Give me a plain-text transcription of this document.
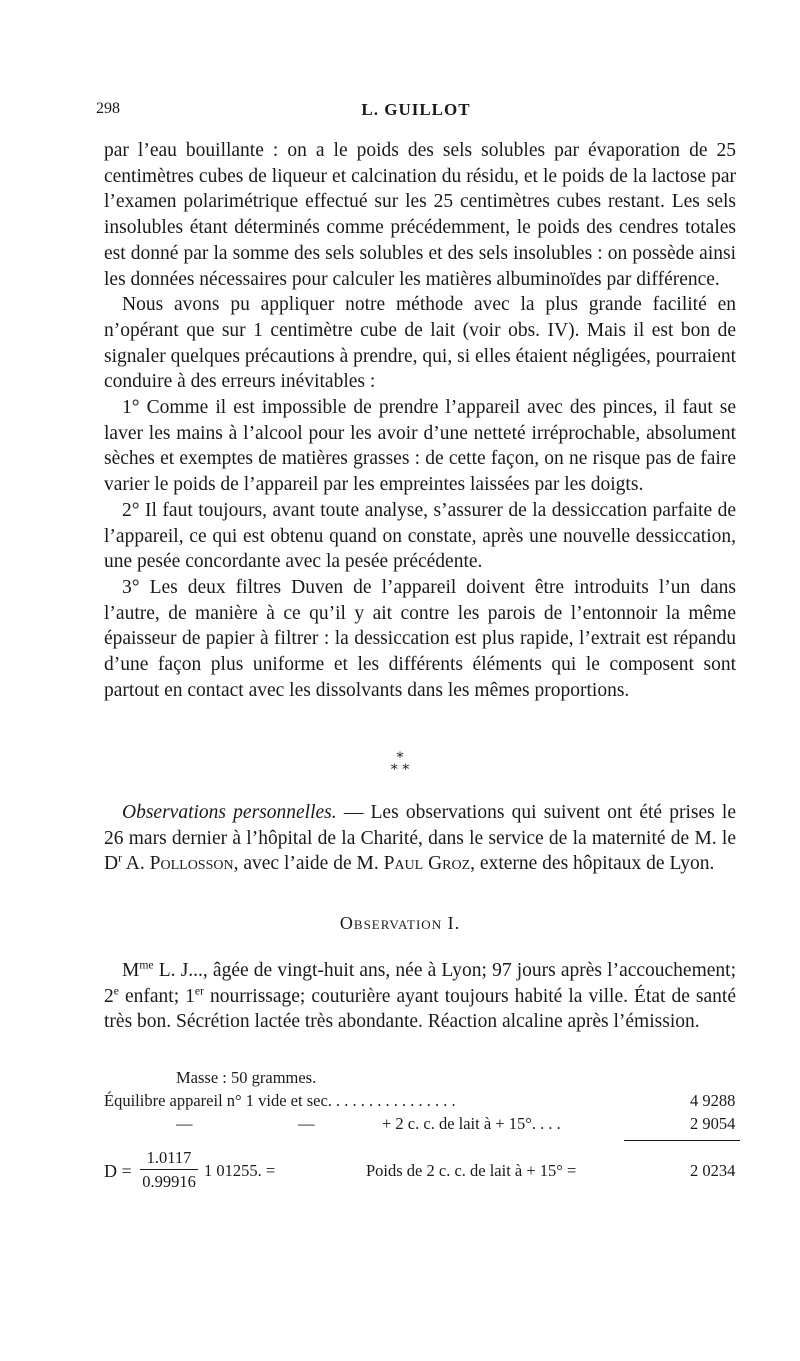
298	L. GUILLOT

par l’eau bouillante : on a le poids des sels solubles par évaporation de 25 centimètres cubes de liqueur et calcination du résidu, et le poids de la lactose par l’examen polarimétrique effectué sur les 25 centimètres cubes restant. Les sels insolubles étant déterminés comme précédemment, le poids des cendres totales est donné par la somme des sels solubles et des sels insolubles : on possède ainsi les données nécessaires pour calculer les matières albuminoïdes par différence.

Nous avons pu appliquer notre méthode avec la plus grande facilité en n’opérant que sur 1 centimètre cube de lait (voir obs. IV). Mais il est bon de signaler quelques précautions à prendre, qui, si elles étaient négligées, pourraient conduire à des erreurs inévitables :

1° Comme il est impossible de prendre l’appareil avec des pinces, il faut se laver les mains à l’alcool pour les avoir d’une netteté irréprochable, absolument sèches et exemptes de matières grasses : de cette façon, on ne risque pas de faire varier le poids de l’appareil par les empreintes laissées par les doigts.

2° Il faut toujours, avant toute analyse, s’assurer de la dessiccation parfaite de l’appareil, ce qui est obtenu quand on constate, après une nouvelle dessiccation, une pesée concordante avec la pesée précédente.

3° Les deux filtres Duven de l’appareil doivent être introduits l’un dans l’autre, de manière à ce qu’il y ait contre les parois de l’entonnoir la même épaisseur de papier à filtrer : la dessiccation est plus rapide, l’extrait est répandu d’une façon plus uniforme et les différents éléments qui le composent sont partout en contact avec les dissolvants dans les mêmes proportions.

*
* *

Observations personnelles. — Les observations qui suivent ont été prises le 26 mars dernier à l’hôpital de la Charité, dans le service de la maternité de M. le $D^r$ A. Pollosson, avec l’aide de M. Paul Groz, externe des hôpitaux de Lyon.

Observation I.

$M^{me}$ L. J..., âgée de vingt-huit ans, née à Lyon; 97 jours après l’accouchement; 2e enfant; 1er nourrissage; couturière ayant toujours habité la ville. État de santé très bon. Sécrétion lactée très abondante. Réaction alcaline après l’émission.

Masse : 50 grammes.
Équilibre appareil n° 1 vide et sec. . . . . . . . . . . . . . . .	4 9288
—	—	+ 2 c. c. de lait à + 15°. . . .	2 9054
D =
1.0117
0.99916
1 01255. =	Poids de 2 c. c. de lait à + 15° =	2 0234
